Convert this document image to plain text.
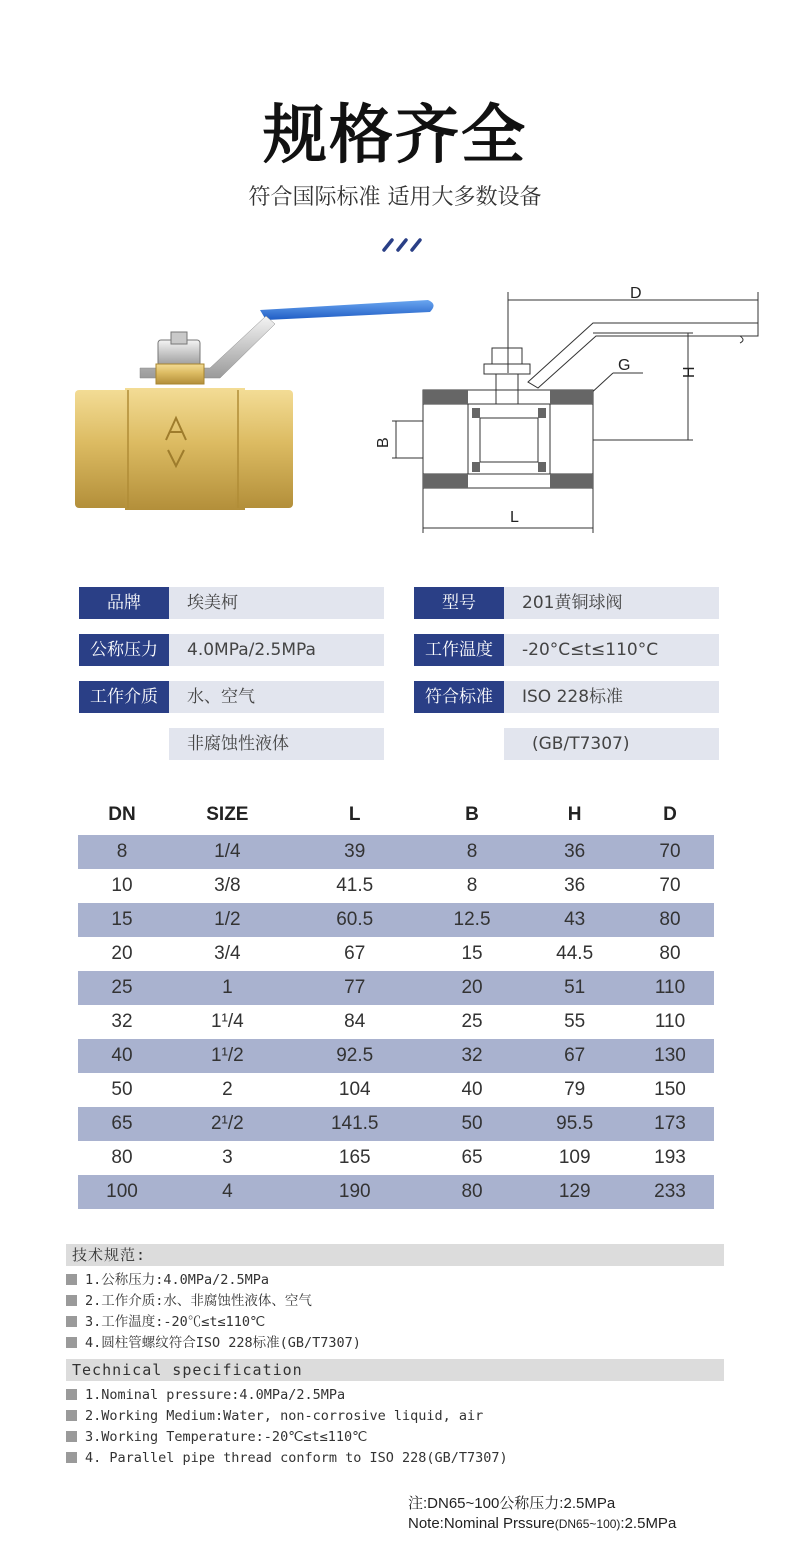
规格齐全
符合国际标准 适用大多数设备
D
G	H
B
L
品牌	埃美柯	型号	201黄铜球阀
公称压力	4.0MPa/2.5MPa	工作温度	-20°C≤t≤110°C
工作介质	水、空气	符合标准	ISO 228标准
非腐蚀性液体	(GB/T7307)
DN	SIZE	L	B	H	D
8	1/4	39	8	36	70
10	3/8	41.5	8	36	70
15	1/2	60.5	12.5	43	80
20	3/4	67	15	44.5	80
25	1	77	20	51	110
32	1¹/4	84	25	55	110
40	1¹/2	92.5	32	67	130
50	2	104	40	79	150
65	2¹/2	141.5	50	95.5	173
80	3	165	65	109	193
100	4	190	80	129	233
技术规范:
1.公称压力:4.0MPa/2.5MPa
2.工作介质:水、非腐蚀性液体、空气
3.工作温度:-20℃≤t≤110℃
4.圆柱管螺纹符合ISO 228标准(GB/T7307)
Technical specification
1.Nominal pressure:4.0MPa/2.5MPa
2.Working Medium:Water, non-corrosive liquid, air
3.Working Temperature:-20℃≤t≤110℃
4. Parallel pipe thread conform to ISO 228(GB/T7307)
注:DN65~100公称压力:2.5MPa
Note:Nominal Prssure(DN65~100):2.5MPa
